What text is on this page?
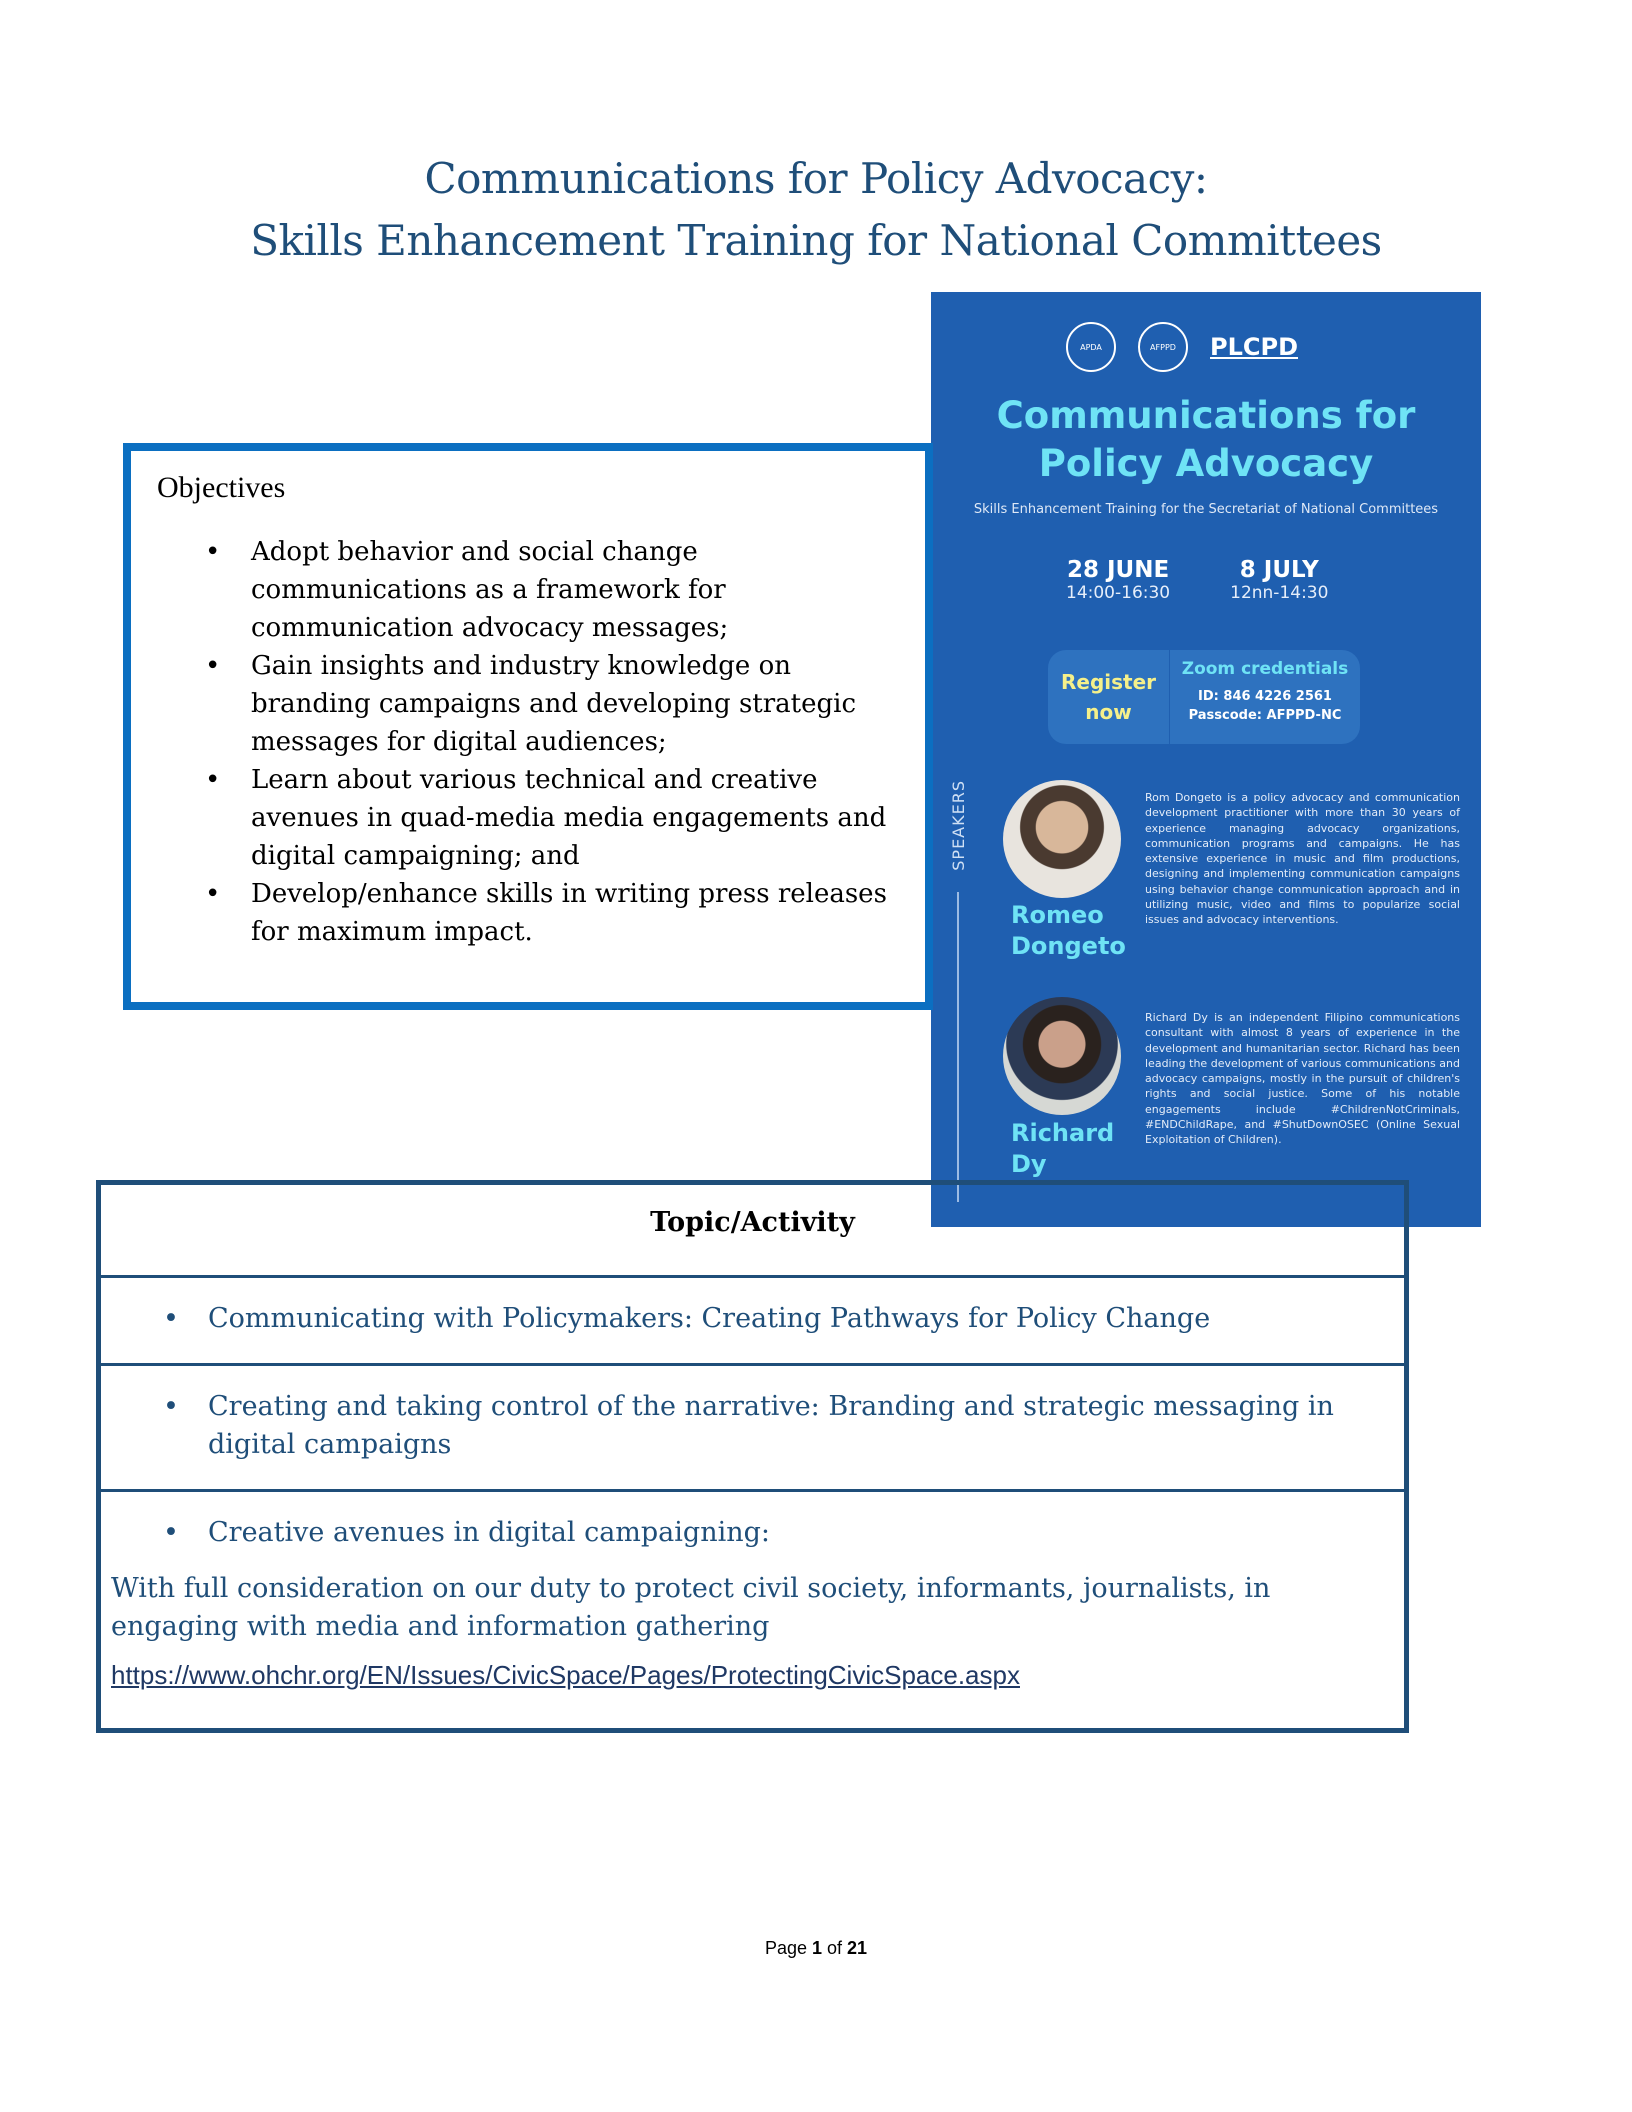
Communications for Policy Advocacy:
Skills Enhancement Training for National Committees
Objectives
• Adopt behavior and social change communications as a framework for communication advocacy messages;
• Gain insights and industry knowledge on branding campaigns and developing strategic messages for digital audiences;
• Learn about various technical and creative avenues in quad-media media engagements and digital campaigning; and
• Develop/enhance skills in writing press releases for maximum impact.
APDA	AFPPD	PLCPD
Communications for
Policy Advocacy
Skills Enhancement Training for the Secretariat of National Committees
28 JUNE
14:00-16:30
8 JULY
12nn-14:30
Register now
Zoom credentials
ID: 846 4226 2561
Passcode: AFPPD-NC
SPEAKERS
Romeo Dongeto
Rom Dongeto is a policy advocacy and communication development practitioner with more than 30 years of experience managing advocacy organizations, communication programs and campaigns. He has extensive experience in music and film productions, designing and implementing communication campaigns using behavior change communication approach and in utilizing music, video and films to popularize social issues and advocacy interventions.
Richard Dy
Richard Dy is an independent Filipino communications consultant with almost 8 years of experience in the development and humanitarian sector. Richard has been leading the development of various communications and advocacy campaigns, mostly in the pursuit of children's rights and social justice. Some of his notable engagements include #ChildrenNotCriminals, #ENDChildRape, and #ShutDownOSEC (Online Sexual Exploitation of Children).
Topic/Activity
• Communicating with Policymakers: Creating Pathways for Policy Change
• Creating and taking control of the narrative: Branding and strategic messaging in digital campaigns
• Creative avenues in digital campaigning:
With full consideration on our duty to protect civil society, informants, journalists, in engaging with media and information gathering
https://www.ohchr.org/EN/Issues/CivicSpace/Pages/ProtectingCivicSpace.aspx
Page 1 of 21
